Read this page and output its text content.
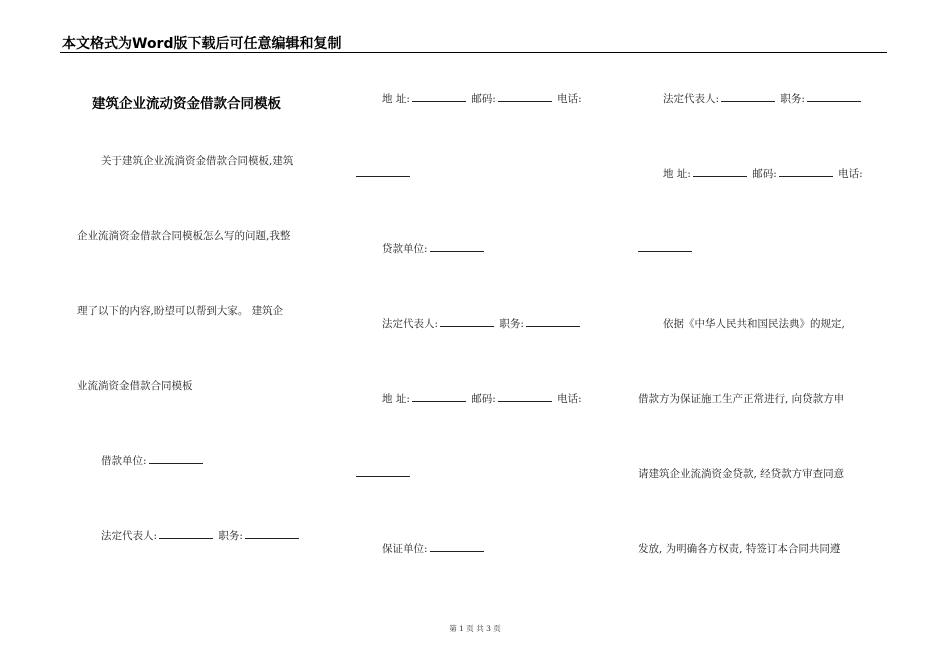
本文格式为Word版下载后可任意编辑和复制
建筑企业流动资金借款合同模板
关于建筑企业流淌资金借款合同模板,建筑
企业流淌资金借款合同模板怎么写的问题,我整
理了以下的内容,盼望可以帮到大家。 建筑企
业流淌资金借款合同模板
借款单位:
法定代表人:	职务:
地 址:	邮码:	电话:
贷款单位:
法定代表人:	职务:
地 址:	邮码:	电话:
保证单位:
法定代表人:	职务:
地 址:	邮码:	电话:
依据《中华人民共和国民法典》的规定,
借款方为保证施工生产正常进行, 向贷款方申
请建筑企业流淌资金贷款, 经贷款方审查同意
发放, 为明确各方权责, 特签订本合同共同遵
第 1 页 共 3 页
